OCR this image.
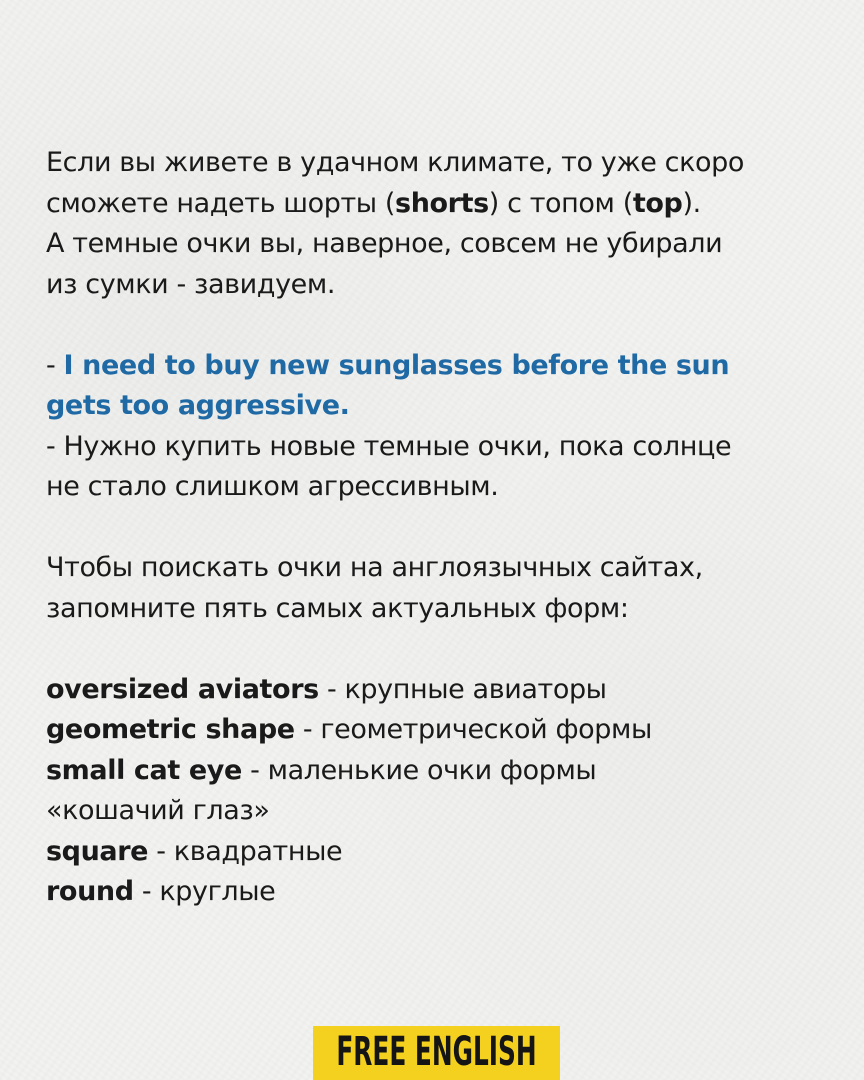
Если вы живете в удачном климате, то уже скоро
сможете надеть шорты (shorts) с топом (top).
А темные очки вы, наверное, совсем не убирали
из сумки - завидуем.
- I need to buy new sunglasses before the sun
gets too aggressive.
- Нужно купить новые темные очки, пока солнце
не стало слишком агрессивным.
Чтобы поискать очки на англоязычных сайтах,
запомните пять самых актуальных форм:
oversized aviators - крупные авиаторы
geometric shape - геометрической формы
small cat eye - маленькие очки формы
«кошачий глаз»
square - квадратные
round - круглые
FREE ENGLISH
